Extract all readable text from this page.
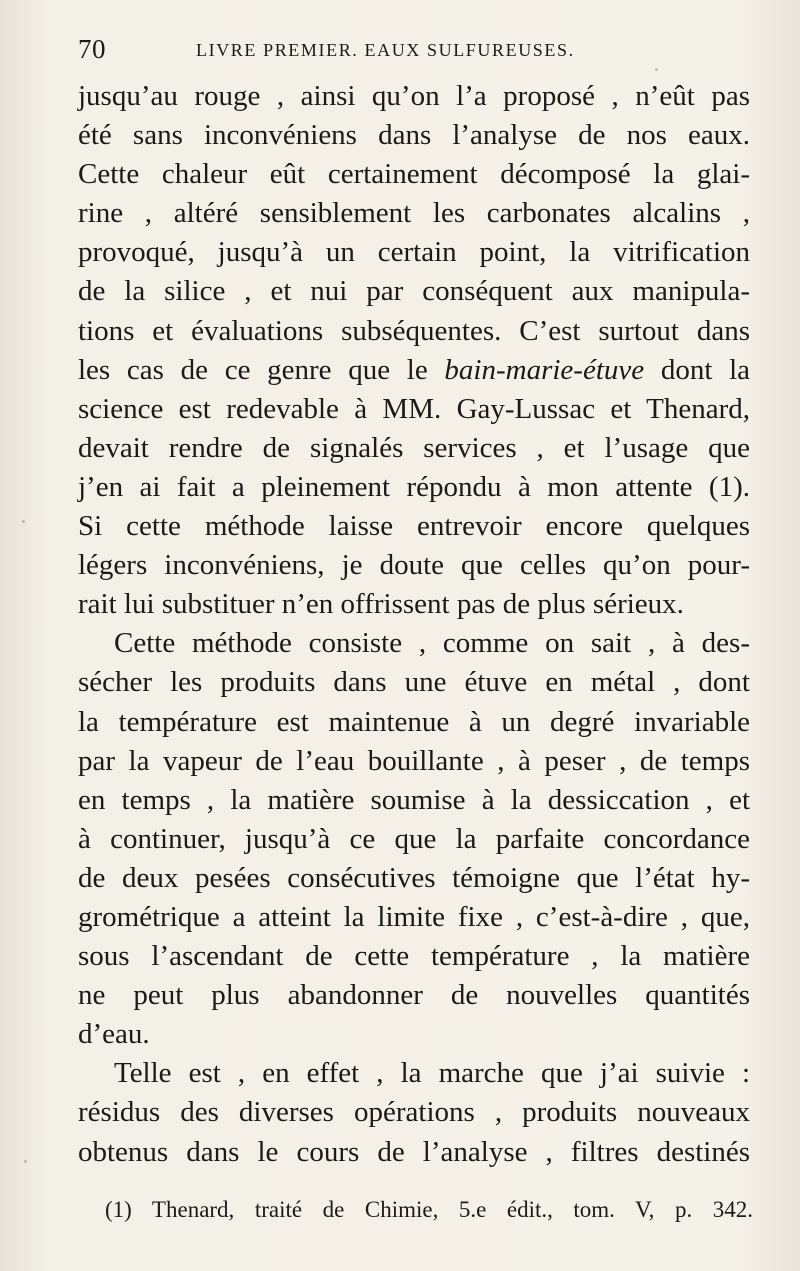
70	LIVRE PREMIER. EAUX SULFUREUSES.
jusqu’au rouge , ainsi qu’on l’a proposé , n’eût pas
été sans inconvéniens dans l’analyse de nos eaux.
Cette chaleur eût certainement décomposé la glai-
rine , altéré sensiblement les carbonates alcalins ,
provoqué, jusqu’à un certain point, la vitrification
de la silice , et nui par conséquent aux manipula-
tions et évaluations subséquentes. C’est surtout dans
les cas de ce genre que le bain-marie-étuve dont la
science est redevable à MM. Gay-Lussac et Thenard,
devait rendre de signalés services , et l’usage que
j’en ai fait a pleinement répondu à mon attente (1).
Si cette méthode laisse entrevoir encore quelques
légers inconvéniens, je doute que celles qu’on pour-
rait lui substituer n’en offrissent pas de plus sérieux.
Cette méthode consiste , comme on sait , à des-
sécher les produits dans une étuve en métal , dont
la température est maintenue à un degré invariable
par la vapeur de l’eau bouillante , à peser , de temps
en temps , la matière soumise à la dessiccation , et
à continuer, jusqu’à ce que la parfaite concordance
de deux pesées consécutives témoigne que l’état hy-
grométrique a atteint la limite fixe , c’est-à-dire , que,
sous l’ascendant de cette température , la matière
ne peut plus abandonner de nouvelles quantités
d’eau.
Telle est , en effet , la marche que j’ai suivie :
résidus des diverses opérations , produits nouveaux
obtenus dans le cours de l’analyse , filtres destinés
(1) Thenard, traité de Chimie, 5.e édit., tom. V, p. 342.
